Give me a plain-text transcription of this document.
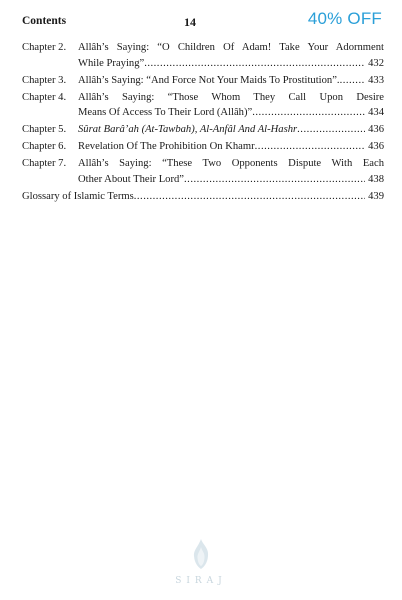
Contents	14	40% OFF
Chapter 2.	Allâh’s Saying: “O Children Of Adam! Take Your Adornment
While Praying” .....	432
Chapter 3.	Allâh’s Saying: “And Force Not Your Maids To Prostitution”. .....	433
Chapter 4.	Allâh’s Saying: “Those Whom They Call Upon Desire
Means Of Access To Their Lord (Allâh)” .....	434
Chapter 5.	Sûrat Barâ’ah (At-Tawbah), Al-Anfâl And Al-Hashr .....	436
Chapter 6.	Revelation Of The Prohibition On Khamr .....	436
Chapter 7.	Allâh’s Saying: “These Two Opponents Dispute With Each
Other About Their Lord” .....	438
Glossary of Islamic Terms .....	439
SIRAJ
